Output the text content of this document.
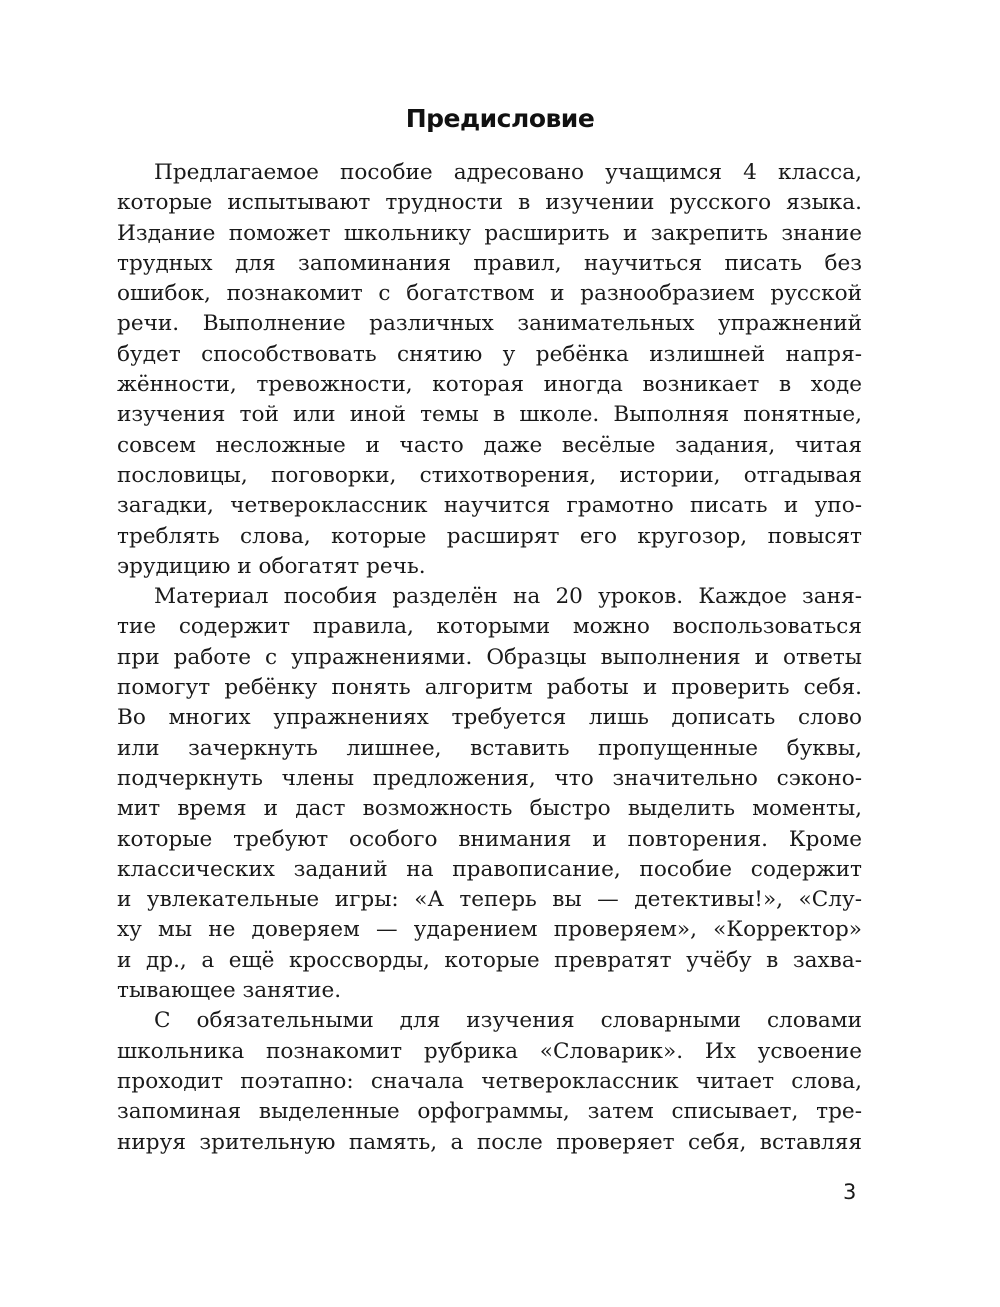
Предисловие
Предлагаемое пособие адресовано учащимся 4 класса,
которые испытывают трудности в изучении русского языка.
Издание поможет школьнику расширить и закрепить знание
трудных для запоминания правил, научиться писать без
ошибок, познакомит с богатством и разнообразием русской
речи. Выполнение различных занимательных упражнений
будет способствовать снятию у ребёнка излишней напря-
жённости, тревожности, которая иногда возникает в ходе
изучения той или иной темы в школе. Выполняя понятные,
совсем несложные и часто даже весёлые задания, читая
пословицы, поговорки, стихотворения, истории, отгадывая
загадки, четвероклассник научится грамотно писать и упо-
треблять слова, которые расширят его кругозор, повысят
эрудицию и обогатят речь.
Материал пособия разделён на 20 уроков. Каждое заня-
тие содержит правила, которыми можно воспользоваться
при работе с упражнениями. Образцы выполнения и ответы
помогут ребёнку понять алгоритм работы и проверить себя.
Во многих упражнениях требуется лишь дописать слово
или зачеркнуть лишнее, вставить пропущенные буквы,
подчеркнуть члены предложения, что значительно сэконо-
мит время и даст возможность быстро выделить моменты,
которые требуют особого внимания и повторения. Кроме
классических заданий на правописание, пособие содержит
и увлекательные игры: «А теперь вы — детективы!», «Слу-
ху мы не доверяем — ударением проверяем», «Корректор»
и др., а ещё кроссворды, которые превратят учёбу в захва-
тывающее занятие.
С обязательными для изучения словарными словами
школьника познакомит рубрика «Словарик». Их усвоение
проходит поэтапно: сначала четвероклассник читает слова,
запоминая выделенные орфограммы, затем списывает, тре-
нируя зрительную память, а после проверяет себя, вставляя
3
